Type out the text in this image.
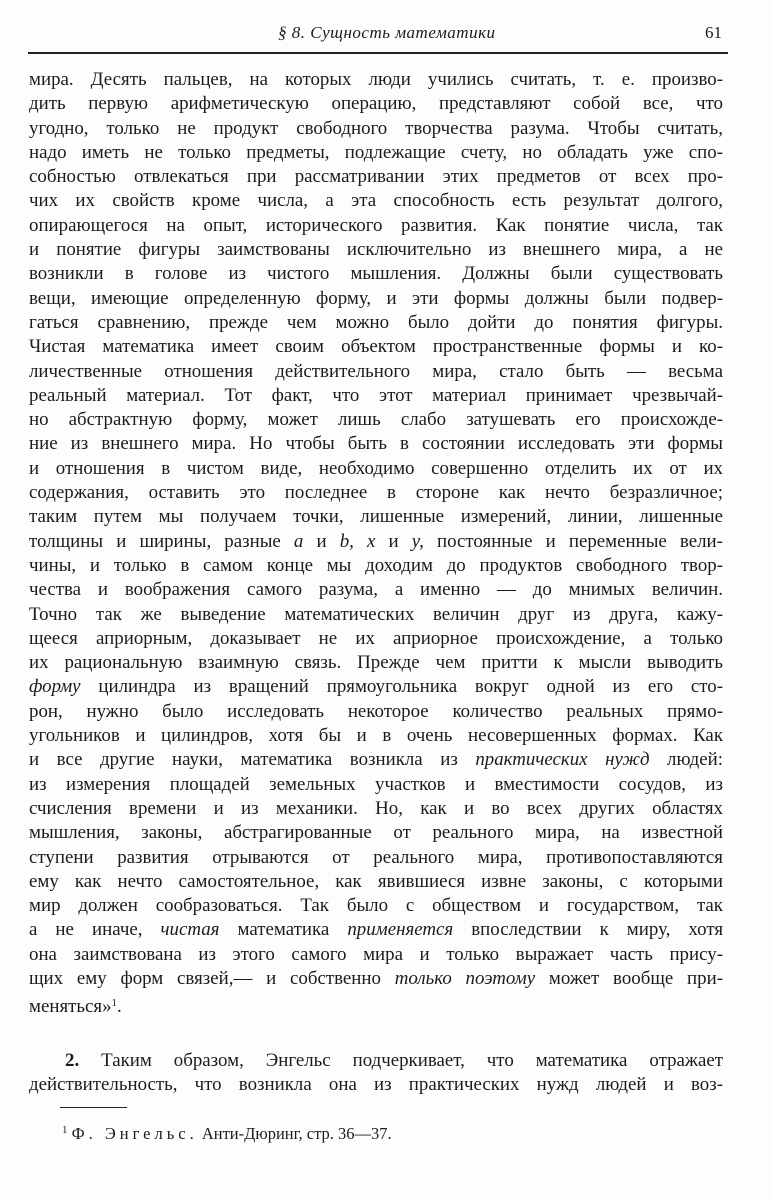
§ 8. Сущность математики	61
мира. Десять пальцев, на которых люди учились считать, т. е. произво-
дить первую арифметическую операцию, представляют собой все, что
угодно, только не продукт свободного творчества разума. Чтобы считать,
надо иметь не только предметы, подлежащие счету, но обладать уже спо-
собностью отвлекаться при рассматривании этих предметов от всех про-
чих их свойств кроме числа, а эта способность есть результат долгого,
опирающегося на опыт, исторического развития. Как понятие числа, так
и понятие фигуры заимствованы исключительно из внешнего мира, а не
возникли в голове из чистого мышления. Должны были существовать
вещи, имеющие определенную форму, и эти формы должны были подвер-
гаться сравнению, прежде чем можно было дойти до понятия фигуры.
Чистая математика имеет своим объектом пространственные формы и ко-
личественные отношения действительного мира, стало быть — весьма
реальный материал. Тот факт, что этот материал принимает чрезвычай-
но абстрактную форму, может лишь слабо затушевать его происхожде-
ние из внешнего мира. Но чтобы быть в состоянии исследовать эти формы
и отношения в чистом виде, необходимо совершенно отделить их от их
содержания, оставить это последнее в стороне как нечто безразличное;
таким путем мы получаем точки, лишенные измерений, линии, лишенные
толщины и ширины, разные a и b, x и y, постоянные и переменные вели-
чины, и только в самом конце мы доходим до продуктов свободного твор-
чества и воображения самого разума, а именно — до мнимых величин.
Точно так же выведение математических величин друг из друга, кажу-
щееся априорным, доказывает не их априорное происхождение, а только
их рациональную взаимную связь. Прежде чем притти к мысли выводить
форму цилиндра из вращений прямоугольника вокруг одной из его сто-
рон, нужно было исследовать некоторое количество реальных прямо-
угольников и цилиндров, хотя бы и в очень несовершенных формах. Как
и все другие науки, математика возникла из практических нужд людей:
из измерения площадей земельных участков и вместимости сосудов, из
счисления времени и из механики. Но, как и во всех других областях
мышления, законы, абстрагированные от реального мира, на известной
ступени развития отрываются от реального мира, противопоставляются
ему как нечто самостоятельное, как явившиеся извне законы, с которыми
мир должен сообразоваться. Так было с обществом и государством, так
а не иначе, чистая математика применяется впоследствии к миру, хотя
она заимствована из этого самого мира и только выражает часть прису-
щих ему форм связей,— и собственно только поэтому может вообще при-
меняться»$^1$.
2. Таким образом, Энгельс подчеркивает, что математика отражает
действительность, что возникла она из практических нужд людей и воз-
$^1$ Ф. Энгельс. Анти-Дюринг, стр. 36—37.
